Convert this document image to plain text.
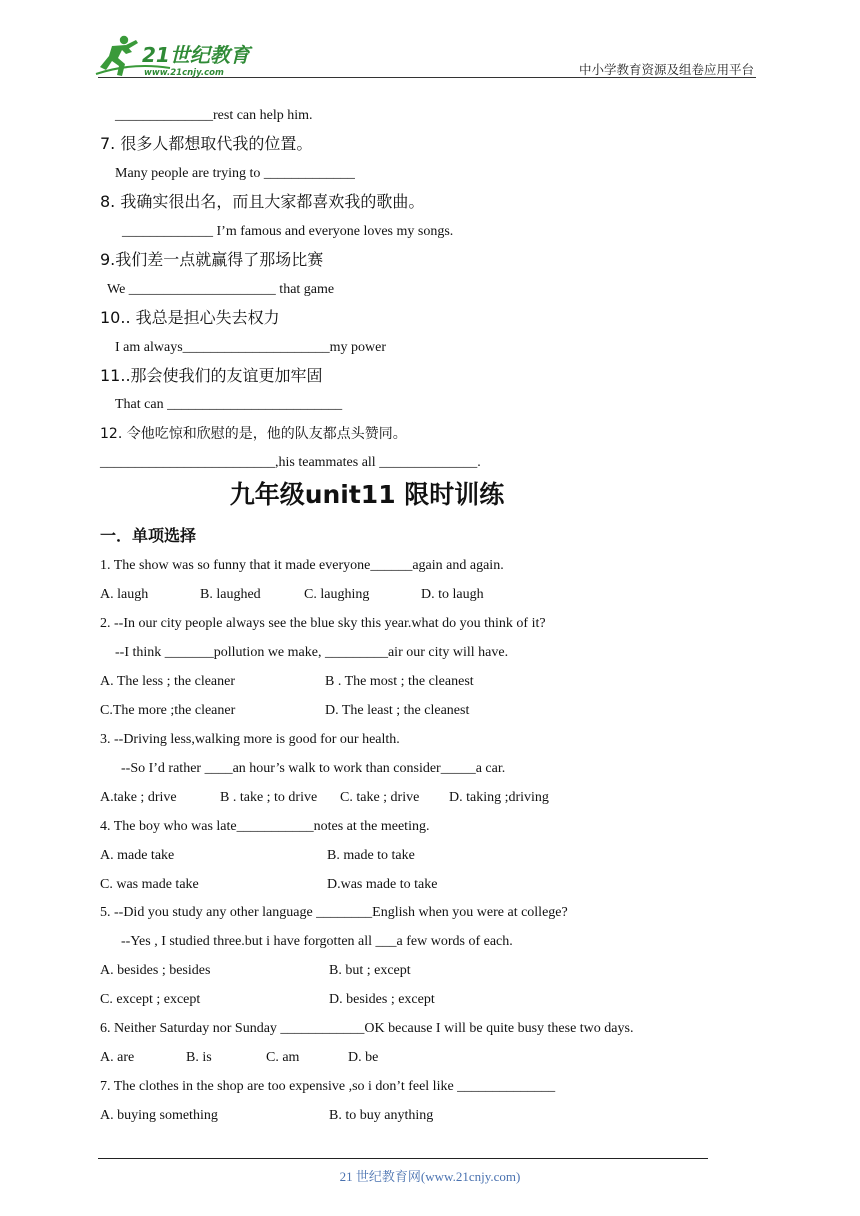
21世纪教育
www.21cnjy.com	中小学教育资源及组卷应用平台
______________rest can help him.
7. 很多人都想取代我的位置。
Many people are trying to _____________
8. 我确实很出名，而且大家都喜欢我的歌曲。
_____________ I’m famous and everyone loves my songs.
9.我们差一点就赢得了那场比赛
We _____________________ that game
10.. 我总是担心失去权力
I am always_____________________my power
11..那会使我们的友谊更加牢固
That can _________________________
12. 令他吃惊和欣慰的是，他的队友都点头赞同。
_________________________,his teammates all ______________.
九年级unit11 限时训练
一．单项选择
1. The show was so funny that it made everyone______again and again.
A. laugh	B. laughed	C. laughing	D. to laugh
2. --In our city people always see the blue sky this year.what do you think of it?
--I think _______pollution we make, _________air our city will have.
A. The less ; the cleaner	B . The most ; the cleanest
C.The more ;the cleaner	D. The least ; the cleanest
3. --Driving less,walking more is good for our health.
--So I’d rather ____an hour’s walk to work than consider_____a car.
A.take ; drive	B . take ; to drive C. take ; drive D. taking ;driving
4. The boy who was late___________notes at the meeting.
A. made take	B. made to take
C. was made take	D.was made to take
5. --Did you study any other language ________English when you were at college?
--Yes , I studied three.but i have forgotten all ___a few words of each.
A. besides ; besides	B. but ; except
C. except ; except	D. besides ; except
6. Neither Saturday nor Sunday ____________OK because I will be quite busy these two days.
A. are	B. is	C. am	D. be
7. The clothes in the shop are too expensive ,so i don’t feel like ______________
A. buying something	B. to buy anything
21 世纪教育网(www.21cnjy.com)
